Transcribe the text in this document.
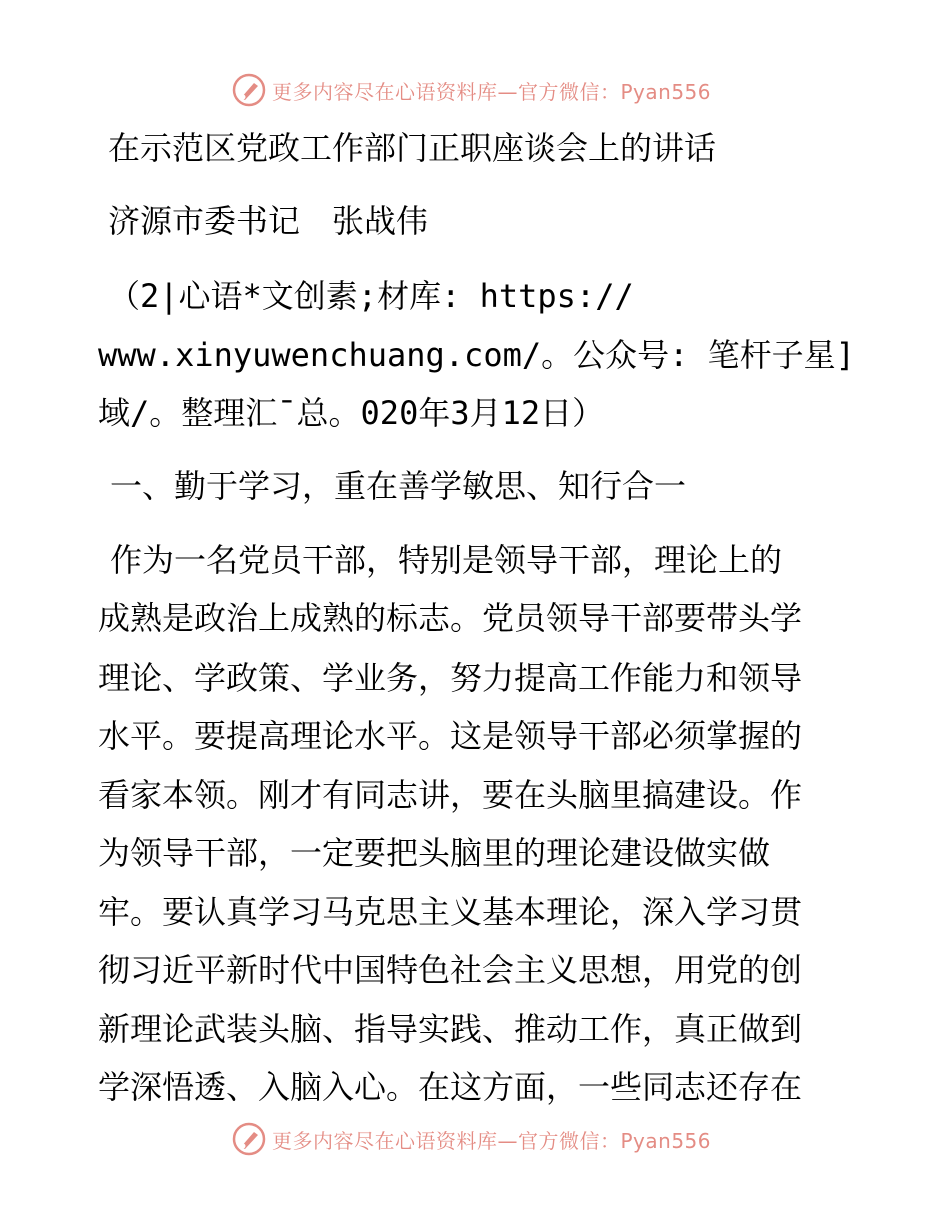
更多内容尽在心语资料库—官方微信：Pyan556
在示范区党政工作部门正职座谈会上的讲话
济源市委书记　张战伟
（2|心语*文创素;材库: https://
www.xinyuwenchuang.com/。公众号: 笔杆子星]
域/。整理汇¯总。020年3月12日）
一、勤于学习，重在善学敏思、知行合一
作为一名党员干部，特别是领导干部，理论上的
成熟是政治上成熟的标志。党员领导干部要带头学
理论、学政策、学业务，努力提高工作能力和领导
水平。要提高理论水平。这是领导干部必须掌握的
看家本领。刚才有同志讲，要在头脑里搞建设。作
为领导干部，一定要把头脑里的理论建设做实做
牢。要认真学习马克思主义基本理论，深入学习贯
彻习近平新时代中国特色社会主义思想，用党的创
新理论武装头脑、指导实践、推动工作，真正做到
学深悟透、入脑入心。在这方面，一些同志还存在
更多内容尽在心语资料库—官方微信：Pyan556
